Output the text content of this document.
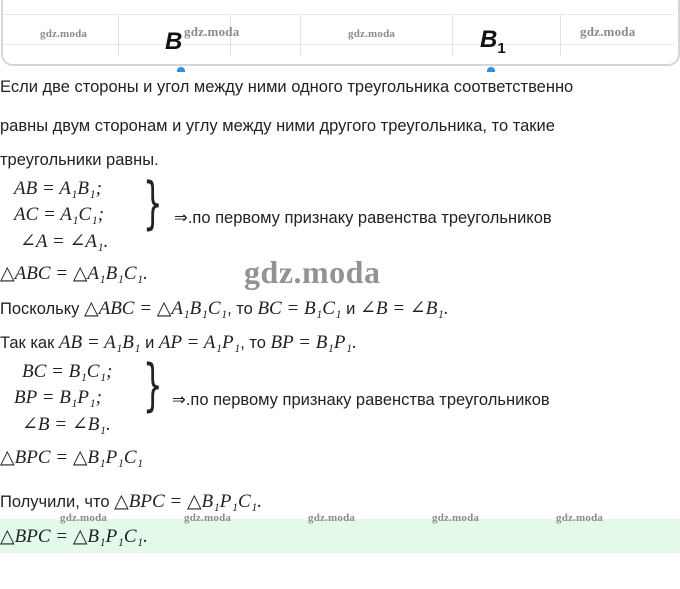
B	$B_1$
gdz.moda	gdz.moda	gdz.moda	gdz.moda
Если две стороны и угол между ними одного треугольника соответственно
равны двум сторонам и углу между ними другого треугольника, то такие
треугольники равны.
AB = A₁B₁;
AC = A₁C₁;
∠A = ∠A₁.
} ⇒.по первому признаку равенства треугольников
△ABC = △A₁B₁C₁.
Поскольку △ABC = △A₁B₁C₁, то BC = B₁C₁ и ∠B = ∠B₁.
Так как AB = A₁B₁ и AP = A₁P₁, то BP = B₁P₁.
BC = B₁C₁;
BP = B₁P₁;
∠B = ∠B₁.
} ⇒.по первому признаку равенства треугольников
△BPC = △B₁P₁C₁
Получили, что △BPC = △B₁P₁C₁.
△BPC = △B₁P₁C₁.
gdz.moda	gdz.moda	gdz.moda	gdz.moda	gdz.moda
gdz.moda
